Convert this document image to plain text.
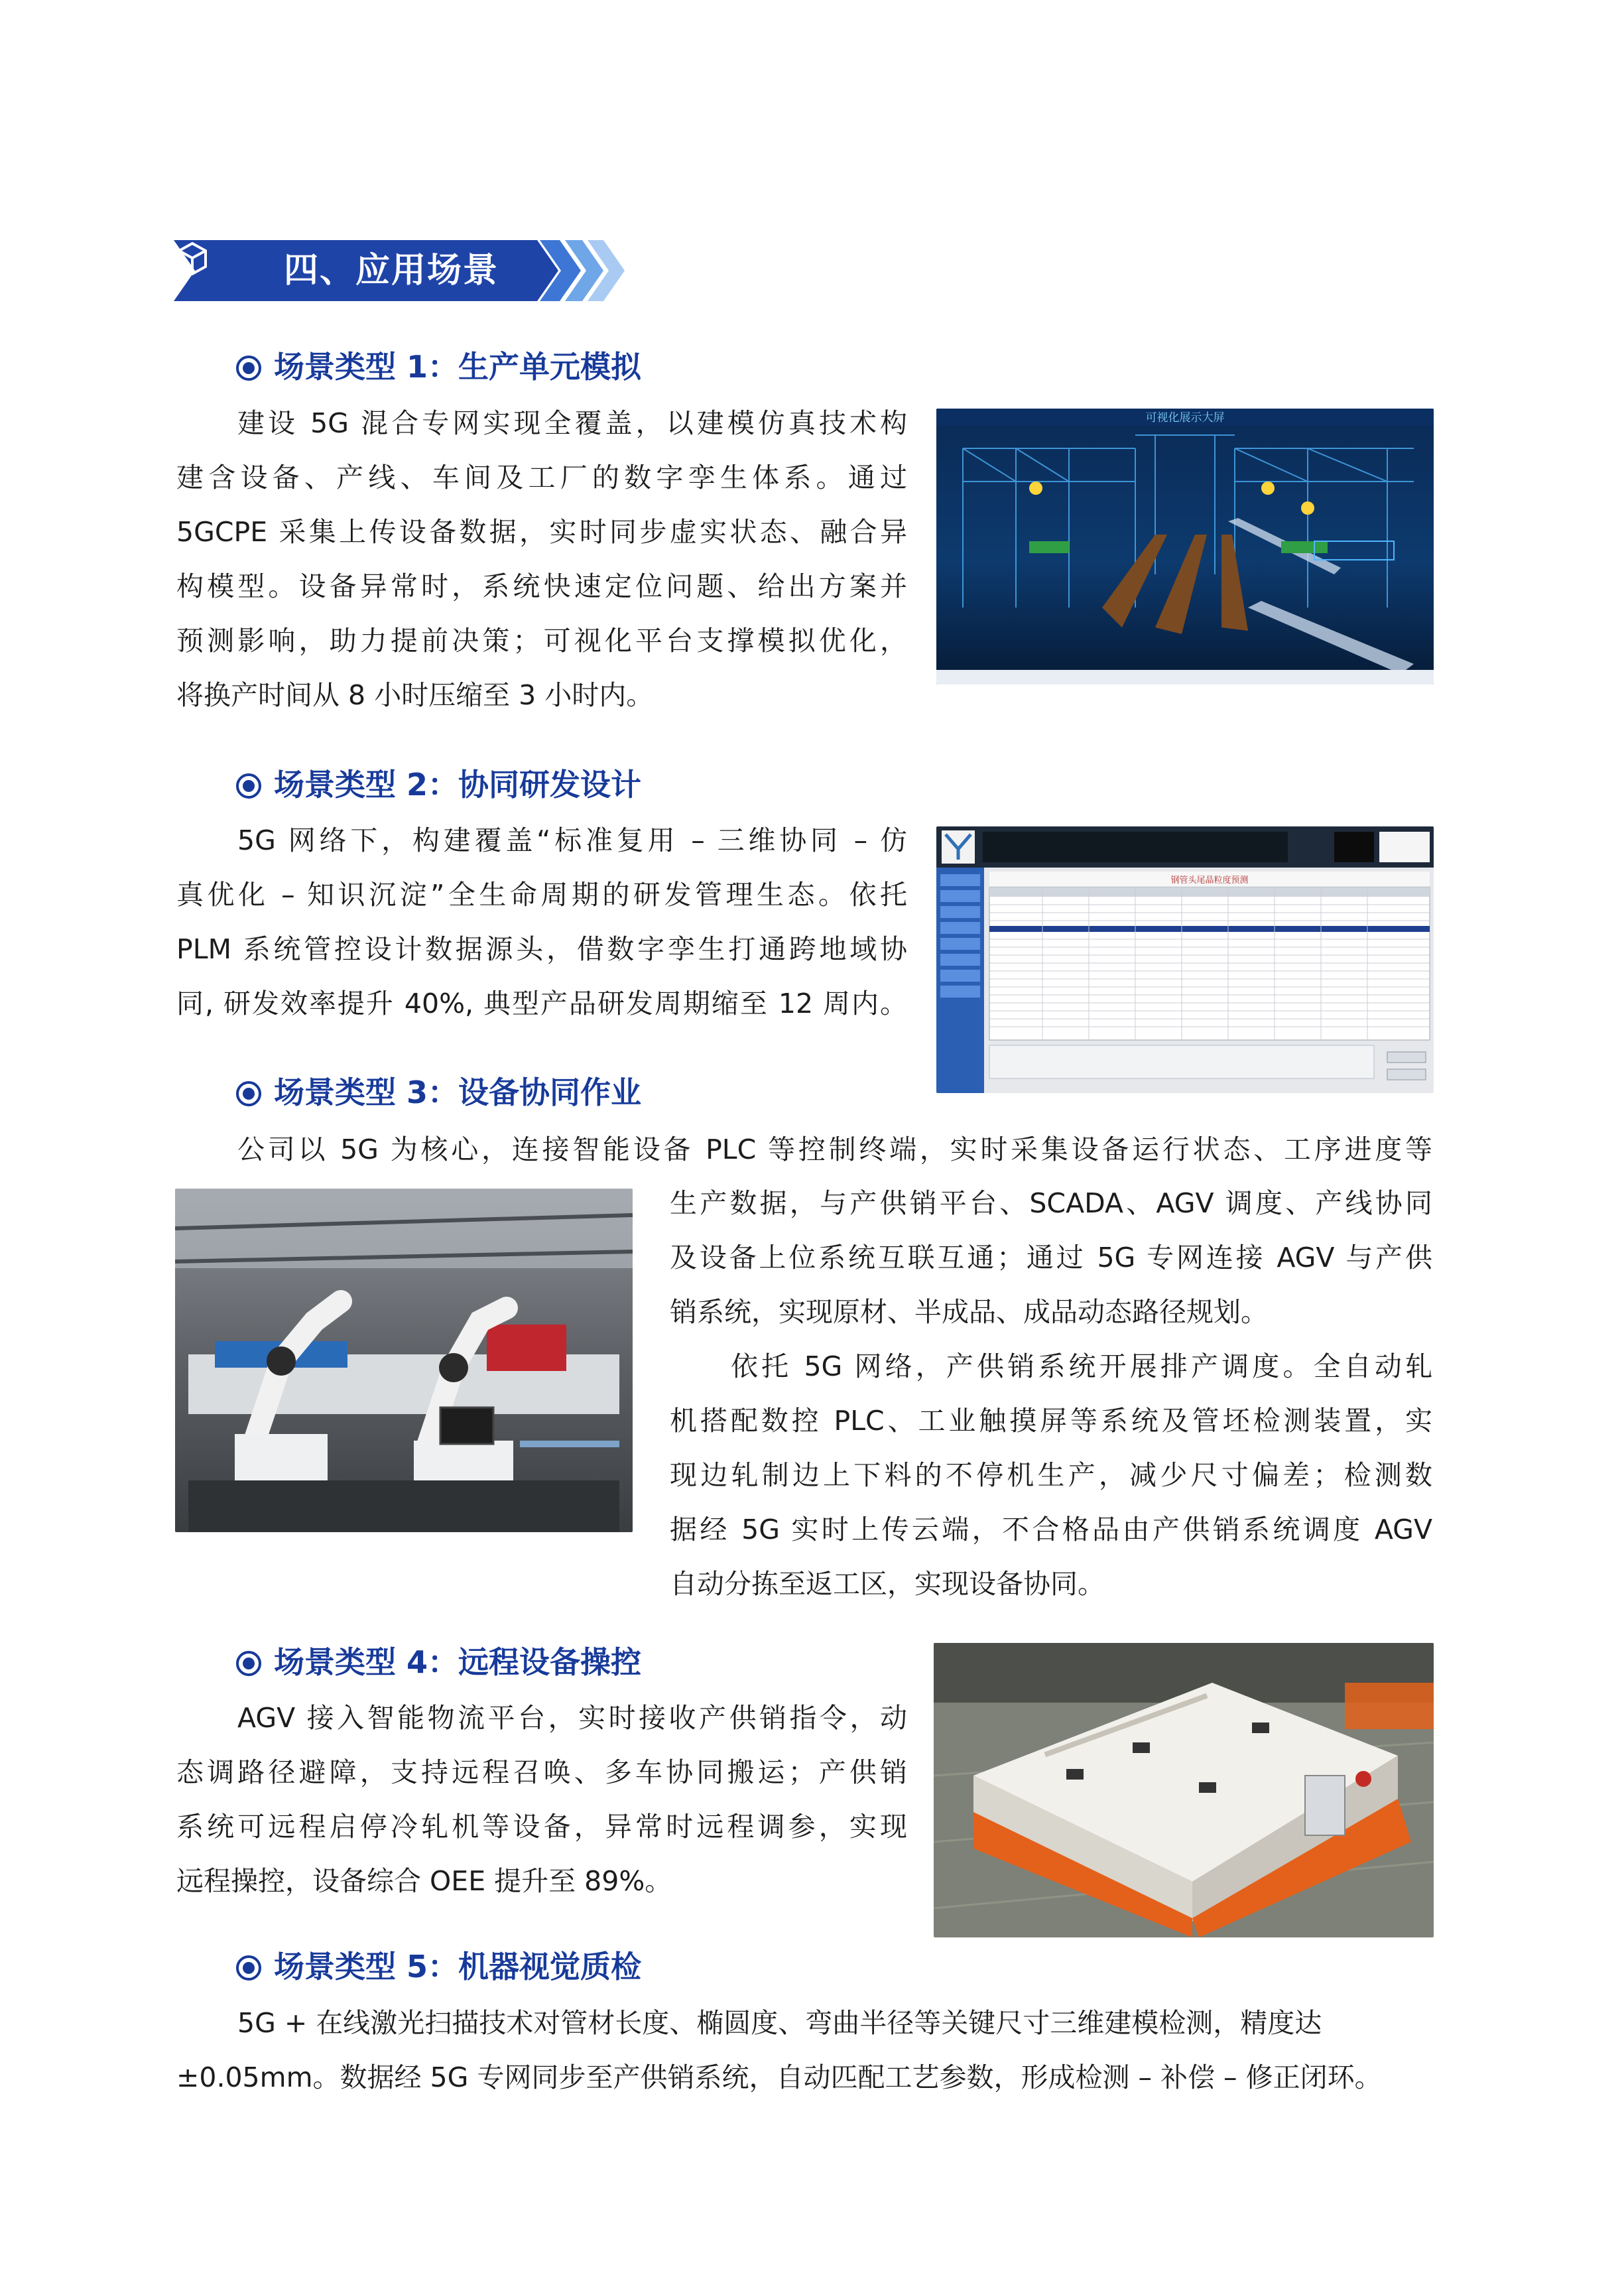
四、应用场景
场景类型 1：生产单元模拟
建设 5G 混合专网实现全覆盖，以建模仿真技术构
建含设备、产线、车间及工厂的数字孪生体系。通过
5GCPE 采集上传设备数据，实时同步虚实状态、融合异
构模型。设备异常时，系统快速定位问题、给出方案并
预测影响，助力提前决策；可视化平台支撑模拟优化，
将换产时间从 8 小时压缩至 3 小时内。
可视化展示大屏
场景类型 2：协同研发设计
5G 网络下，构建覆盖“标准复用 – 三维协同 – 仿
真优化 – 知识沉淀”全生命周期的研发管理生态。依托
PLM 系统管控设计数据源头，借数字孪生打通跨地域协
同, 研发效率提升 40%, 典型产品研发周期缩至 12 周内。
钢管头尾晶粒度预测
场景类型 3：设备协同作业
公司以 5G 为核心，连接智能设备 PLC 等控制终端，实时采集设备运行状态、工序进度等
生产数据，与产供销平台、SCADA、AGV 调度、产线协同
及设备上位系统互联互通；通过 5G 专网连接 AGV 与产供
销系统，实现原材、半成品、成品动态路径规划。
依托 5G 网络，产供销系统开展排产调度。全自动轧
机搭配数控 PLC、工业触摸屏等系统及管坯检测装置，实
现边轧制边上下料的不停机生产，减少尺寸偏差；检测数
据经 5G 实时上传云端，不合格品由产供销系统调度 AGV
自动分拣至返工区，实现设备协同。
场景类型 4：远程设备操控
AGV 接入智能物流平台，实时接收产供销指令，动
态调路径避障，支持远程召唤、多车协同搬运；产供销
系统可远程启停冷轧机等设备，异常时远程调参，实现
远程操控，设备综合 OEE 提升至 89%。
场景类型 5：机器视觉质检
5G + 在线激光扫描技术对管材长度、椭圆度、弯曲半径等关键尺寸三维建模检测，精度达
±0.05mm。数据经 5G 专网同步至产供销系统，自动匹配工艺参数，形成检测 – 补偿 – 修正闭环。
